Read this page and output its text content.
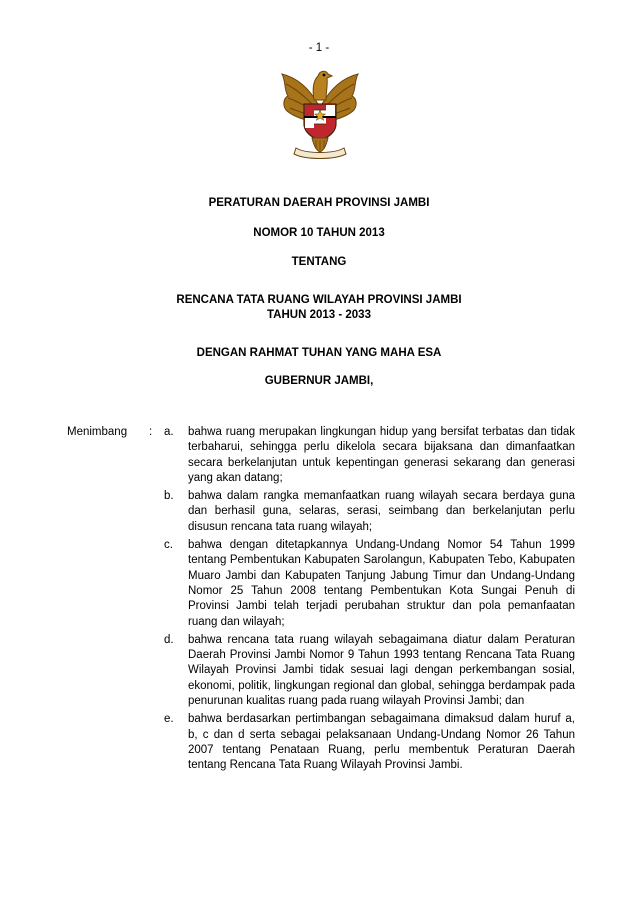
- 1 -
PERATURAN DAERAH PROVINSI JAMBI
NOMOR 10 TAHUN 2013
TENTANG
RENCANA TATA RUANG WILAYAH PROVINSI JAMBI
TAHUN 2013 - 2033
DENGAN RAHMAT TUHAN YANG MAHA ESA
GUBERNUR JAMBI,
Menimbang : a.	bahwa ruang merupakan lingkungan hidup yang bersifat terbatas dan tidak terbaharui, sehingga perlu dikelola secara bijaksana dan dimanfaatkan secara berkelanjutan untuk kepentingan generasi sekarang dan generasi yang akan datang;
b.	bahwa dalam rangka memanfaatkan ruang wilayah secara berdaya guna dan berhasil guna, selaras, serasi, seimbang dan berkelanjutan perlu disusun rencana tata ruang wilayah;
c.	bahwa dengan ditetapkannya Undang-Undang Nomor 54 Tahun 1999 tentang Pembentukan Kabupaten Sarolangun, Kabupaten Tebo, Kabupaten Muaro Jambi dan Kabupaten Tanjung Jabung Timur dan Undang-Undang Nomor 25 Tahun 2008 tentang Pembentukan Kota Sungai Penuh di Provinsi Jambi telah terjadi perubahan struktur dan pola pemanfaatan ruang dan wilayah;
d.	bahwa rencana tata ruang wilayah sebagaimana diatur dalam Peraturan Daerah Provinsi Jambi Nomor 9 Tahun 1993 tentang Rencana Tata Ruang Wilayah Provinsi Jambi tidak sesuai lagi dengan perkembangan sosial, ekonomi, politik, lingkungan regional dan global, sehingga berdampak pada penurunan kualitas ruang pada ruang wilayah Provinsi Jambi; dan
e.	bahwa berdasarkan pertimbangan sebagaimana dimaksud dalam huruf a, b, c dan d serta sebagai pelaksanaan Undang-Undang Nomor 26 Tahun 2007 tentang Penataan Ruang, perlu membentuk Peraturan Daerah tentang Rencana Tata Ruang Wilayah Provinsi Jambi.
